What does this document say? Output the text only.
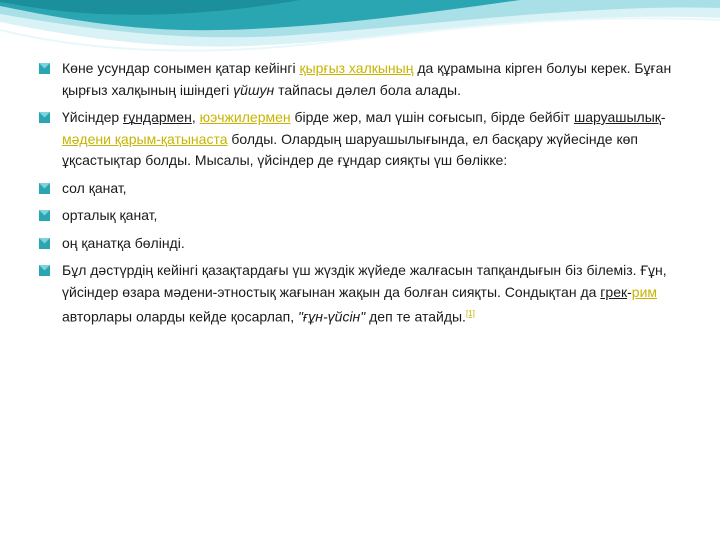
Көне усундар сонымен қатар кейінгі қырғыз халкының да құрамына кірген болуы керек. Бұған қырғыз халқының ішіндегі үйшун тайпасы дәлел бола алады.
Үйсіндер ғұндармен, юэчжилермен бірде жер, мал үшін соғысып, бірде бейбіт шаруашылық-мәдени қарым-қатынаста болды. Олардың шаруашылығында, ел басқару жүйесінде көп ұқсастықтар болды. Мысалы, үйсіндер де ғұндар сияқты үш бөлікке:
сол қанат,
орталық қанат,
оң қанатқа бөлінді.
Бұл дәстүрдің кейінгі қазақтардағы үш жүздік жүйеде жалғасын тапқандығын біз білеміз. Ғұн, үйсіндер өзара мәдени-этностық жағынан жақын да болған сияқты. Сондықтан да грек-рим авторлары оларды кейде қосарлап, "ғұн-үйсін" деп те атайды.[1]
